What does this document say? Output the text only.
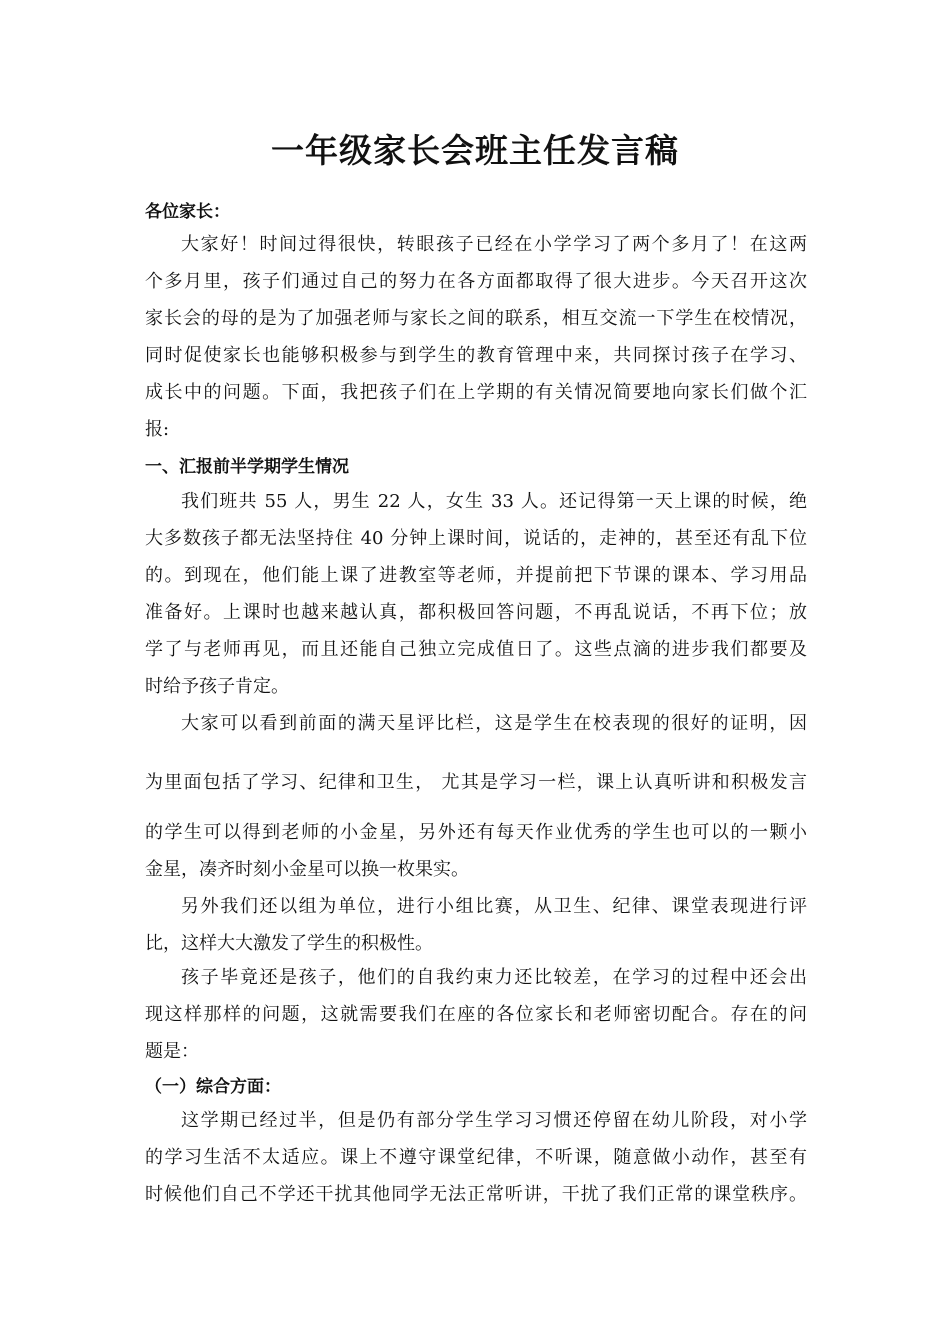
一年级家长会班主任发言稿

各位家长：

大家好！时间过得很快，转眼孩子已经在小学学习了两个多月了！在这两

个多月里，孩子们通过自己的努力在各方面都取得了很大进步。今天召开这次

家长会的母的是为了加强老师与家长之间的联系，相互交流一下学生在校情况，

同时促使家长也能够积极参与到学生的教育管理中来，共同探讨孩子在学习、

成长中的问题。下面，我把孩子们在上学期的有关情况简要地向家长们做个汇

报:

一、汇报前半学期学生情况

我们班共 55 人，男生 22 人，女生 33 人。还记得第一天上课的时候，绝

大多数孩子都无法坚持住 40 分钟上课时间，说话的，走神的，甚至还有乱下位

的。到现在，他们能上课了进教室等老师，并提前把下节课的课本、学习用品

准备好。上课时也越来越认真，都积极回答问题，不再乱说话，不再下位；放

学了与老师再见，而且还能自己独立完成值日了。这些点滴的进步我们都要及

时给予孩子肯定。

大家可以看到前面的满天星评比栏，这是学生在校表现的很好的证明，因

为里面包括了学习、纪律和卫生， 尤其是学习一栏，课上认真听讲和积极发言

的学生可以得到老师的小金星，另外还有每天作业优秀的学生也可以的一颗小

金星，凑齐时刻小金星可以换一枚果实。

另外我们还以组为单位，进行小组比赛，从卫生、纪律、课堂表现进行评

比，这样大大激发了学生的积极性。

孩子毕竟还是孩子，他们的自我约束力还比较差，在学习的过程中还会出

现这样那样的问题，这就需要我们在座的各位家长和老师密切配合。存在的问

题是：

（一）综合方面：

这学期已经过半，但是仍有部分学生学习习惯还停留在幼儿阶段，对小学

的学习生活不太适应。课上不遵守课堂纪律，不听课，随意做小动作，甚至有

时候他们自己不学还干扰其他同学无法正常听讲，干扰了我们正常的课堂秩序。
